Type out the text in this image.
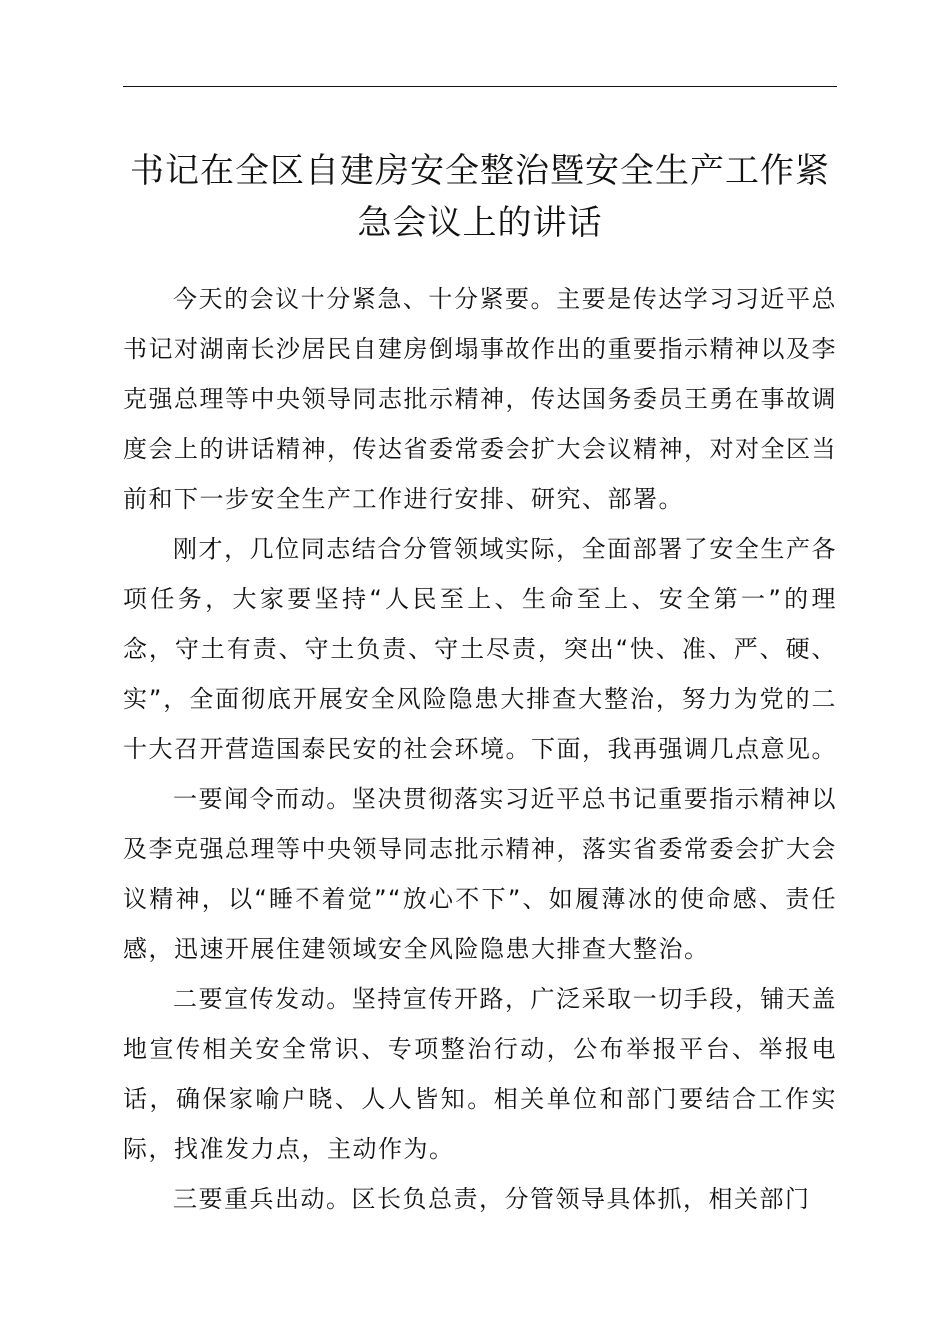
书记在全区自建房安全整治暨安全生产工作紧
急会议上的讲话

今天的会议十分紧急、十分紧要。主要是传达学习习近平总书记对湖南长沙居民自建房倒塌事故作出的重要指示精神以及李克强总理等中央领导同志批示精神，传达国务委员王勇在事故调度会上的讲话精神，传达省委常委会扩大会议精神，对对全区当前和下一步安全生产工作进行安排、研究、部署。

刚才，几位同志结合分管领域实际，全面部署了安全生产各项任务，大家要坚持“人民至上、生命至上、安全第一”的理念，守土有责、守土负责、守土尽责，突出“快、准、严、硬、实”，全面彻底开展安全风险隐患大排查大整治，努力为党的二十大召开营造国泰民安的社会环境。下面，我再强调几点意见。

一要闻令而动。坚决贯彻落实习近平总书记重要指示精神以及李克强总理等中央领导同志批示精神，落实省委常委会扩大会议精神，以“睡不着觉”“放心不下”、如履薄冰的使命感、责任感，迅速开展住建领域安全风险隐患大排查大整治。

二要宣传发动。坚持宣传开路，广泛采取一切手段，铺天盖地宣传相关安全常识、专项整治行动，公布举报平台、举报电话，确保家喻户晓、人人皆知。相关单位和部门要结合工作实际，找准发力点，主动作为。

三要重兵出动。区长负总责，分管领导具体抓，相关部门
